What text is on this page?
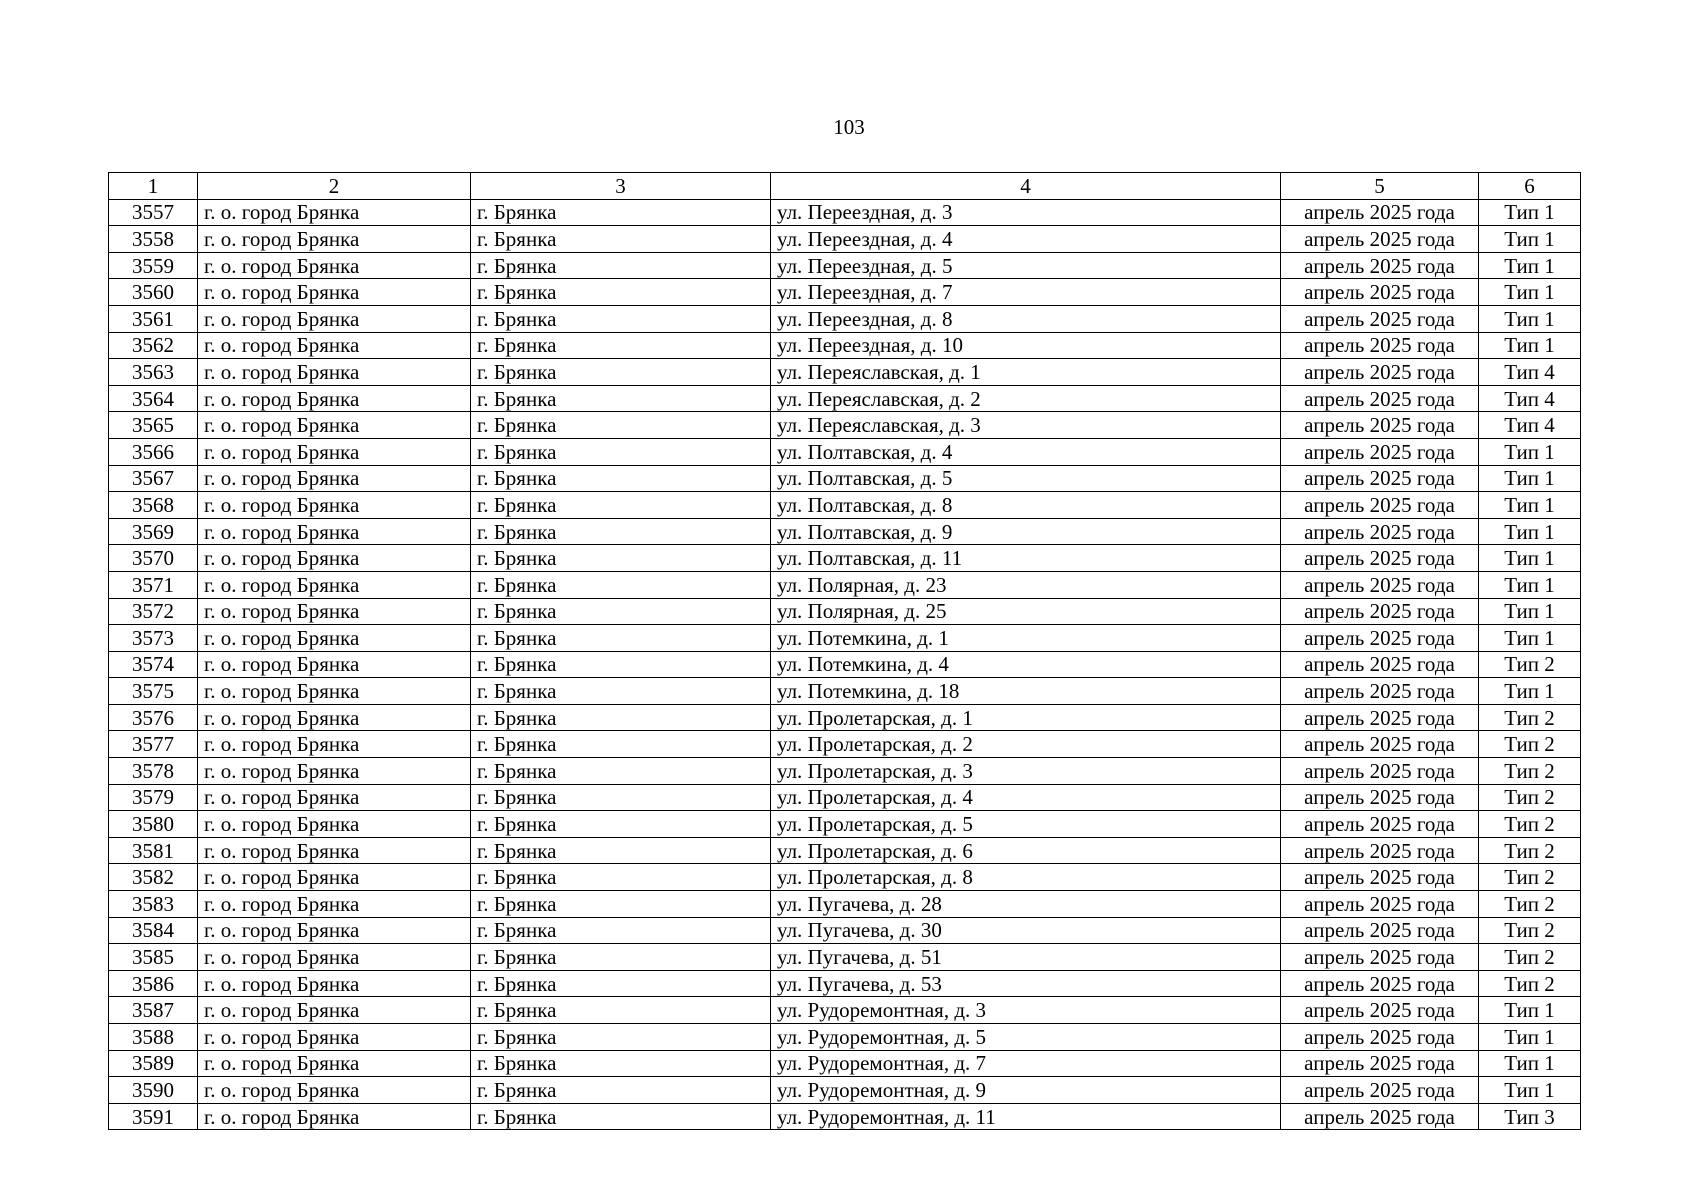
103
1	2	3	4	5	6
3557	г. о. город Брянка	г. Брянка	ул. Переездная, д. 3	апрель 2025 года	Тип 1
3558	г. о. город Брянка	г. Брянка	ул. Переездная, д. 4	апрель 2025 года	Тип 1
3559	г. о. город Брянка	г. Брянка	ул. Переездная, д. 5	апрель 2025 года	Тип 1
3560	г. о. город Брянка	г. Брянка	ул. Переездная, д. 7	апрель 2025 года	Тип 1
3561	г. о. город Брянка	г. Брянка	ул. Переездная, д. 8	апрель 2025 года	Тип 1
3562	г. о. город Брянка	г. Брянка	ул. Переездная, д. 10	апрель 2025 года	Тип 1
3563	г. о. город Брянка	г. Брянка	ул. Переяславская, д. 1	апрель 2025 года	Тип 4
3564	г. о. город Брянка	г. Брянка	ул. Переяславская, д. 2	апрель 2025 года	Тип 4
3565	г. о. город Брянка	г. Брянка	ул. Переяславская, д. 3	апрель 2025 года	Тип 4
3566	г. о. город Брянка	г. Брянка	ул. Полтавская, д. 4	апрель 2025 года	Тип 1
3567	г. о. город Брянка	г. Брянка	ул. Полтавская, д. 5	апрель 2025 года	Тип 1
3568	г. о. город Брянка	г. Брянка	ул. Полтавская, д. 8	апрель 2025 года	Тип 1
3569	г. о. город Брянка	г. Брянка	ул. Полтавская, д. 9	апрель 2025 года	Тип 1
3570	г. о. город Брянка	г. Брянка	ул. Полтавская, д. 11	апрель 2025 года	Тип 1
3571	г. о. город Брянка	г. Брянка	ул. Полярная, д. 23	апрель 2025 года	Тип 1
3572	г. о. город Брянка	г. Брянка	ул. Полярная, д. 25	апрель 2025 года	Тип 1
3573	г. о. город Брянка	г. Брянка	ул. Потемкина, д. 1	апрель 2025 года	Тип 1
3574	г. о. город Брянка	г. Брянка	ул. Потемкина, д. 4	апрель 2025 года	Тип 2
3575	г. о. город Брянка	г. Брянка	ул. Потемкина, д. 18	апрель 2025 года	Тип 1
3576	г. о. город Брянка	г. Брянка	ул. Пролетарская, д. 1	апрель 2025 года	Тип 2
3577	г. о. город Брянка	г. Брянка	ул. Пролетарская, д. 2	апрель 2025 года	Тип 2
3578	г. о. город Брянка	г. Брянка	ул. Пролетарская, д. 3	апрель 2025 года	Тип 2
3579	г. о. город Брянка	г. Брянка	ул. Пролетарская, д. 4	апрель 2025 года	Тип 2
3580	г. о. город Брянка	г. Брянка	ул. Пролетарская, д. 5	апрель 2025 года	Тип 2
3581	г. о. город Брянка	г. Брянка	ул. Пролетарская, д. 6	апрель 2025 года	Тип 2
3582	г. о. город Брянка	г. Брянка	ул. Пролетарская, д. 8	апрель 2025 года	Тип 2
3583	г. о. город Брянка	г. Брянка	ул. Пугачева, д. 28	апрель 2025 года	Тип 2
3584	г. о. город Брянка	г. Брянка	ул. Пугачева, д. 30	апрель 2025 года	Тип 2
3585	г. о. город Брянка	г. Брянка	ул. Пугачева, д. 51	апрель 2025 года	Тип 2
3586	г. о. город Брянка	г. Брянка	ул. Пугачева, д. 53	апрель 2025 года	Тип 2
3587	г. о. город Брянка	г. Брянка	ул. Рудоремонтная, д. 3	апрель 2025 года	Тип 1
3588	г. о. город Брянка	г. Брянка	ул. Рудоремонтная, д. 5	апрель 2025 года	Тип 1
3589	г. о. город Брянка	г. Брянка	ул. Рудоремонтная, д. 7	апрель 2025 года	Тип 1
3590	г. о. город Брянка	г. Брянка	ул. Рудоремонтная, д. 9	апрель 2025 года	Тип 1
3591	г. о. город Брянка	г. Брянка	ул. Рудоремонтная, д. 11	апрель 2025 года	Тип 3
